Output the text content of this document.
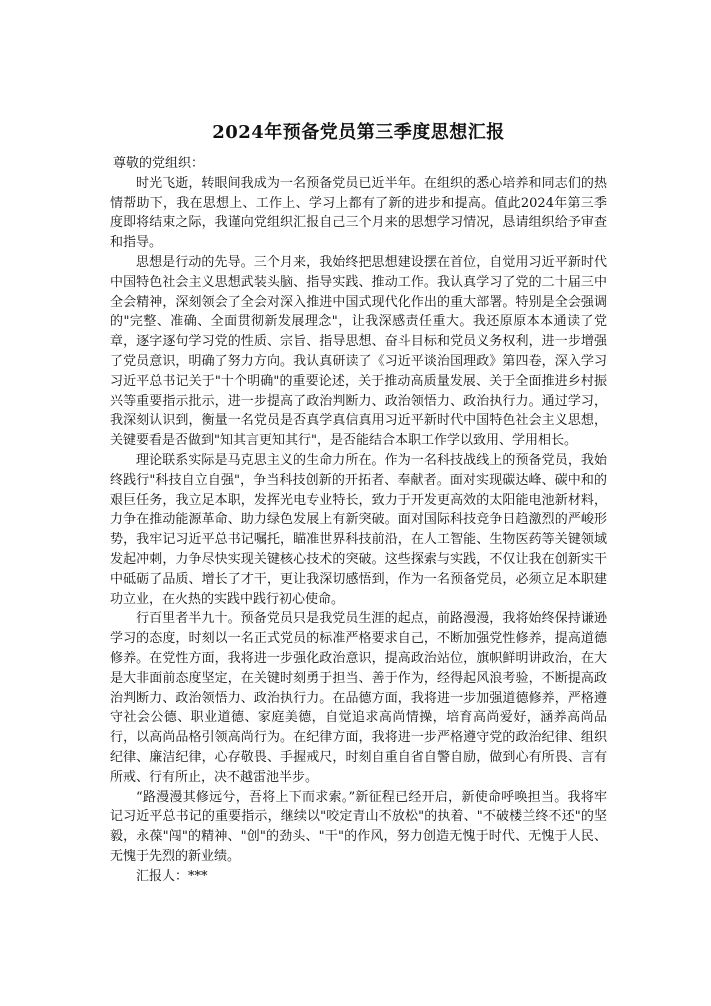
2024年预备党员第三季度思想汇报

尊敬的党组织：

时光飞逝，转眼间我成为一名预备党员已近半年。在组织的悉心培养和同志们的热情帮助下，我在思想上、工作上、学习上都有了新的进步和提高。值此2024年第三季度即将结束之际，我谨向党组织汇报自己三个月来的思想学习情况，恳请组织给予审查和指导。

思想是行动的先导。三个月来，我始终把思想建设摆在首位，自觉用习近平新时代中国特色社会主义思想武装头脑、指导实践、推动工作。我认真学习了党的二十届三中全会精神，深刻领会了全会对深入推进中国式现代化作出的重大部署。特别是全会强调的"完整、准确、全面贯彻新发展理念"，让我深感责任重大。我还原原本本通读了党章，逐字逐句学习党的性质、宗旨、指导思想、奋斗目标和党员义务权利，进一步增强了党员意识，明确了努力方向。我认真研读了《习近平谈治国理政》第四卷，深入学习习近平总书记关于"十个明确"的重要论述，关于推动高质量发展、关于全面推进乡村振兴等重要指示批示，进一步提高了政治判断力、政治领悟力、政治执行力。通过学习，我深刻认识到，衡量一名党员是否真学真信真用习近平新时代中国特色社会主义思想，关键要看是否做到"知其言更知其行"，是否能结合本职工作学以致用、学用相长。

理论联系实际是马克思主义的生命力所在。作为一名科技战线上的预备党员，我始终践行"科技自立自强"，争当科技创新的开拓者、奉献者。面对实现碳达峰、碳中和的艰巨任务，我立足本职，发挥光电专业特长，致力于开发更高效的太阳能电池新材料，力争在推动能源革命、助力绿色发展上有新突破。面对国际科技竞争日趋激烈的严峻形势，我牢记习近平总书记嘱托，瞄准世界科技前沿，在人工智能、生物医药等关键领域发起冲刺，力争尽快实现关键核心技术的突破。这些探索与实践，不仅让我在创新实干中砥砺了品质、增长了才干，更让我深切感悟到，作为一名预备党员，必须立足本职建功立业，在火热的实践中践行初心使命。

行百里者半九十。预备党员只是我党员生涯的起点，前路漫漫，我将始终保持谦逊学习的态度，时刻以一名正式党员的标准严格要求自己，不断加强党性修养，提高道德修养。在党性方面，我将进一步强化政治意识，提高政治站位，旗帜鲜明讲政治，在大是大非面前态度坚定，在关键时刻勇于担当、善于作为，经得起风浪考验，不断提高政治判断力、政治领悟力、政治执行力。在品德方面，我将进一步加强道德修养，严格遵守社会公德、职业道德、家庭美德，自觉追求高尚情操，培育高尚爱好，涵养高尚品行，以高尚品格引领高尚行为。在纪律方面，我将进一步严格遵守党的政治纪律、组织纪律、廉洁纪律，心存敬畏、手握戒尺，时刻自重自省自警自励，做到心有所畏、言有所戒、行有所止，决不越雷池半步。

“路漫漫其修远兮，吾将上下而求索。”新征程已经开启，新使命呼唤担当。我将牢记习近平总书记的重要指示，继续以"咬定青山不放松"的执着、"不破楼兰终不还"的坚毅，永葆"闯"的精神、"创"的劲头、"干"的作风，努力创造无愧于时代、无愧于人民、无愧于先烈的新业绩。

汇报人：***
